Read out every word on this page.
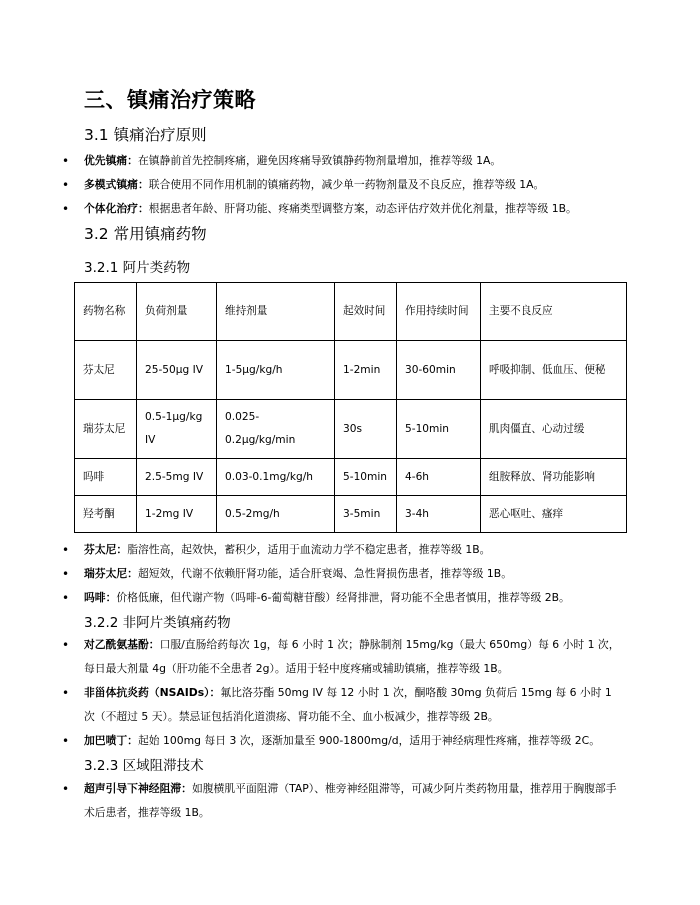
三、镇痛治疗策略
3.1 镇痛治疗原则
• 优先镇痛：在镇静前首先控制疼痛，避免因疼痛导致镇静药物剂量增加，推荐等级 1A。
• 多模式镇痛：联合使用不同作用机制的镇痛药物，减少单一药物剂量及不良反应，推荐等级 1A。
• 个体化治疗：根据患者年龄、肝肾功能、疼痛类型调整方案，动态评估疗效并优化剂量，推荐等级 1B。
3.2 常用镇痛药物
3.2.1 阿片类药物
药物名称	负荷剂量	维持剂量	起效时间	作用持续时间	主要不良反应
芬太尼	25-50μg IV	1-5μg/kg/h	1-2min	30-60min	呼吸抑制、低血压、便秘
瑞芬太尼	0.5-1μg/kg IV	0.025-0.2μg/kg/min	30s	5-10min	肌肉僵直、心动过缓
吗啡	2.5-5mg IV	0.03-0.1mg/kg/h	5-10min	4-6h	组胺释放、肾功能影响
羟考酮	1-2mg IV	0.5-2mg/h	3-5min	3-4h	恶心呕吐、瘙痒
• 芬太尼：脂溶性高，起效快，蓄积少，适用于血流动力学不稳定患者，推荐等级 1B。
• 瑞芬太尼：超短效，代谢不依赖肝肾功能，适合肝衰竭、急性肾损伤患者，推荐等级 1B。
• 吗啡：价格低廉，但代谢产物（吗啡-6-葡萄糖苷酸）经肾排泄，肾功能不全患者慎用，推荐等级 2B。
3.2.2 非阿片类镇痛药物
• 对乙酰氨基酚：口服/直肠给药每次 1g，每 6 小时 1 次；静脉制剂 15mg/kg（最大 650mg）每 6 小时 1 次，每日最大剂量 4g（肝功能不全患者 2g）。适用于轻中度疼痛或辅助镇痛，推荐等级 1B。
• 非甾体抗炎药（NSAIDs）：氟比洛芬酯 50mg IV 每 12 小时 1 次，酮咯酸 30mg 负荷后 15mg 每 6 小时 1 次（不超过 5 天）。禁忌证包括消化道溃疡、肾功能不全、血小板减少，推荐等级 2B。
• 加巴喷丁：起始 100mg 每日 3 次，逐渐加量至 900-1800mg/d，适用于神经病理性疼痛，推荐等级 2C。
3.2.3 区域阻滞技术
• 超声引导下神经阻滞：如腹横肌平面阻滞（TAP）、椎旁神经阻滞等，可减少阿片类药物用量，推荐用于胸腹部手术后患者，推荐等级 1B。
